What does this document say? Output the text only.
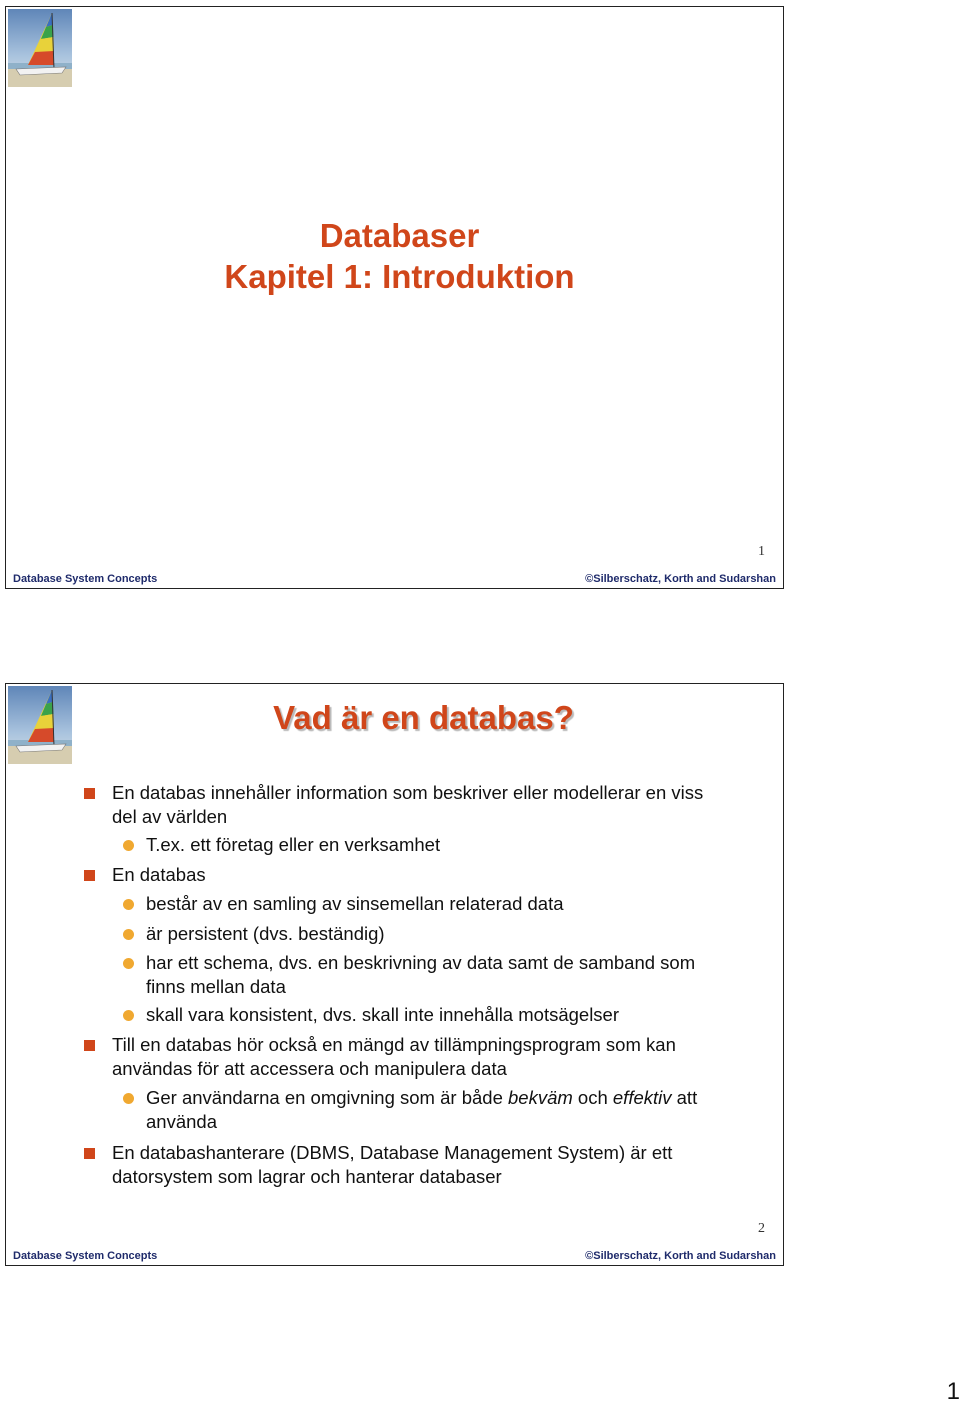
Databaser
Kapitel 1: Introduktion
1
Database System Concepts	©Silberschatz, Korth and Sudarshan
Vad är en databas?
En databas innehåller information som beskriver eller modellerar en viss del av världen
T.ex. ett företag eller en verksamhet
En databas
består av en samling av sinsemellan relaterad data
är persistent (dvs. beständig)
har ett schema, dvs. en beskrivning av data samt de samband som finns mellan data
skall vara konsistent, dvs. skall inte innehålla motsägelser
Till en databas hör också en mängd av tillämpningsprogram som kan användas för att accessera och manipulera data
Ger användarna en omgivning som är både bekväm och effektiv att använda
En databashanterare (DBMS, Database Management System) är ett datorsystem som lagrar och hanterar databaser
2
Database System Concepts	©Silberschatz, Korth and Sudarshan
1
